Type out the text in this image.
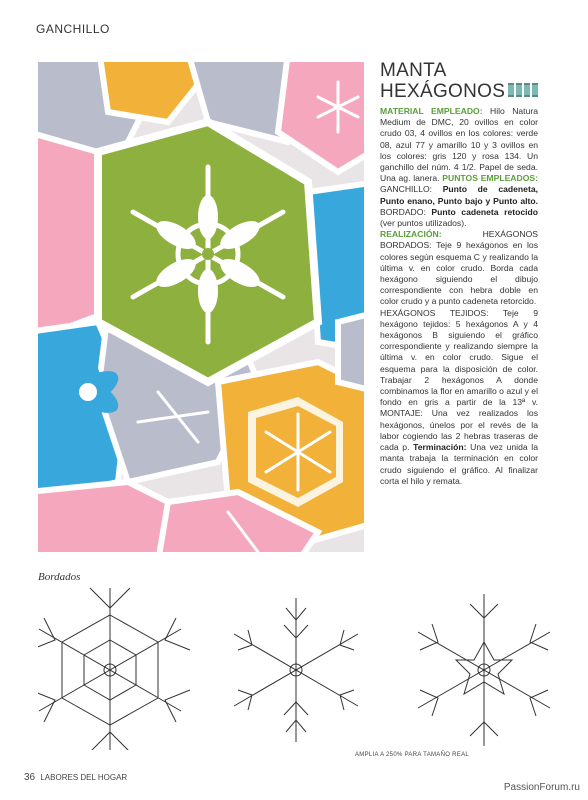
GANCHILLO
MANTA
HEXÁGONOS

MATERIAL EMPLEADO: Hilo Natura Medium de DMC, 20 ovillos en color crudo 03, 4 ovillos en los colores: verde 08, azul 77 y amarillo 10 y 3 ovillos en los colores: gris 120 y rosa 134. Un ganchillo del núm. 4 1/2. Papel de seda. Una ag. lanera. PUNTOS EMPLEADOS: GANCHILLO: Punto de cadeneta, Punto enano, Punto bajo y Punto alto. BORDADO: Punto cadeneta retocido (ver puntos utilizados).

REALIZACIÓN:	HEXÁGONOS BORDADOS: Teje 9 hexágonos en los colores según esquema C y realizando la última v. en color crudo. Borda cada hexágono siguiendo el dibujo correspondiente con hebra doble en color crudo y a punto cadeneta retorcido.

HEXÁGONOS TEJIDOS: Teje 9 hexágono tejidos: 5 hexágonos A y 4 hexágonos B siguiendo el gráfico correspondiente y realizando siempre la última v. en color crudo. Sigue el esquema para la disposición de color. Trabajar 2 hexágonos A donde combinamos la flor en amarillo o azul y el fondo en gris a partir de la 13ª v. MONTAJE: Una vez realizados los hexágonos, únelos por el revés de la labor cogiendo las 2 hebras traseras de cada p. Terminación: Una vez unida la manta trabaja la terminación en color crudo siguiendo el gráfico. Al finalizar corta el hilo y remata.

Bordados
AMPLIA A 250% PARA TAMAÑO REAL
36 LABORES DEL HOGAR
PassionForum.ru
